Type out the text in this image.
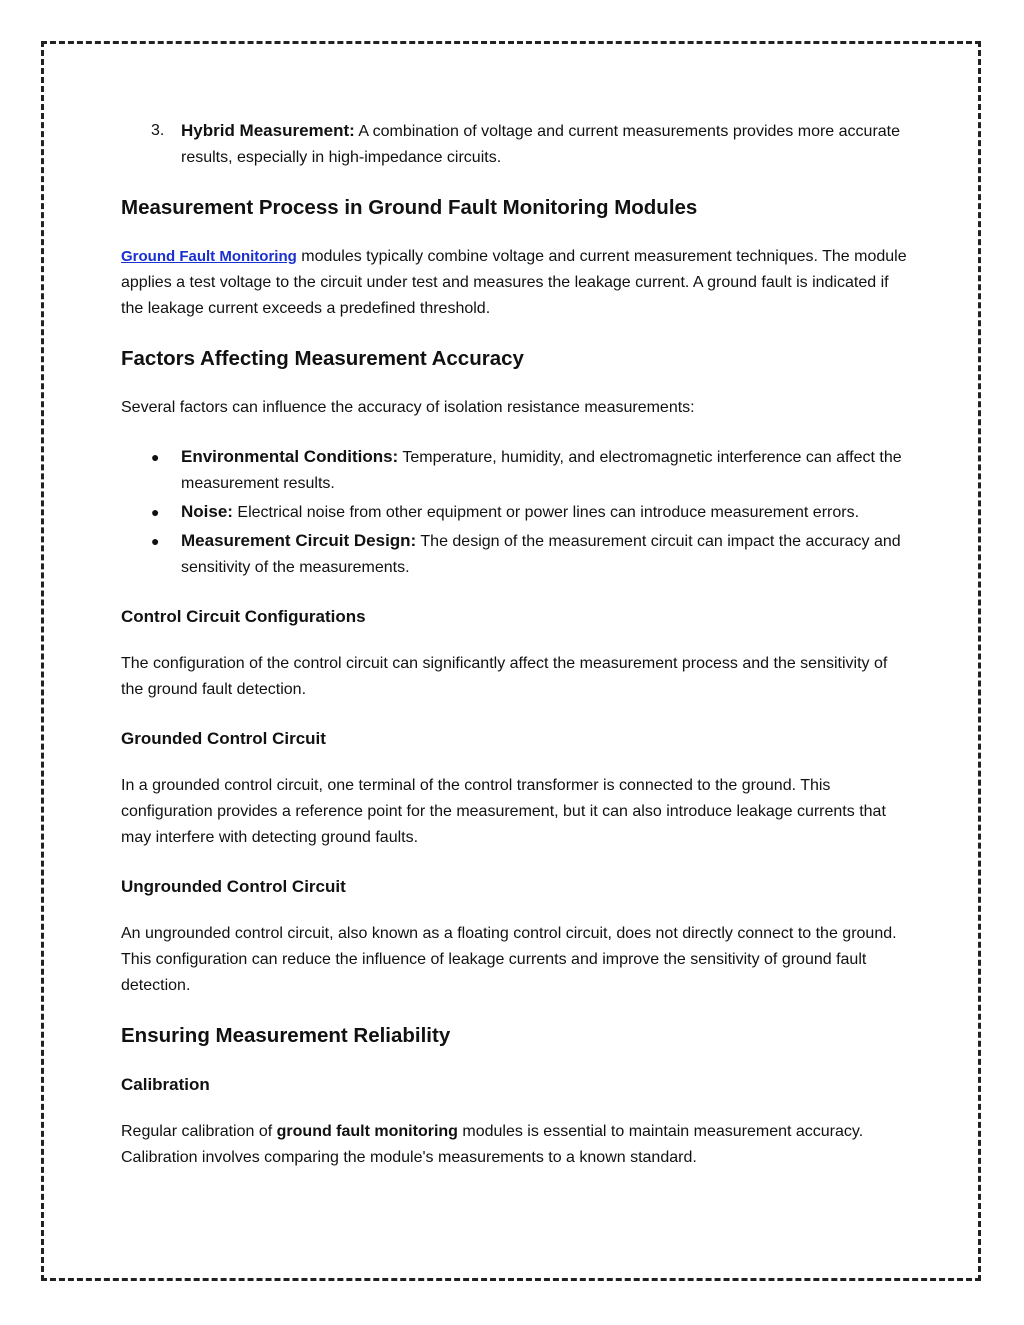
3. Hybrid Measurement: A combination of voltage and current measurements provides more accurate results, especially in high-impedance circuits.

Measurement Process in Ground Fault Monitoring Modules

Ground Fault Monitoring modules typically combine voltage and current measurement techniques. The module applies a test voltage to the circuit under test and measures the leakage current. A ground fault is indicated if the leakage current exceeds a predefined threshold.

Factors Affecting Measurement Accuracy

Several factors can influence the accuracy of isolation resistance measurements:

● Environmental Conditions: Temperature, humidity, and electromagnetic interference can affect the measurement results.
● Noise: Electrical noise from other equipment or power lines can introduce measurement errors.
● Measurement Circuit Design: The design of the measurement circuit can impact the accuracy and sensitivity of the measurements.
Control Circuit Configurations

The configuration of the control circuit can significantly affect the measurement process and the sensitivity of the ground fault detection.

Grounded Control Circuit

In a grounded control circuit, one terminal of the control transformer is connected to the ground. This configuration provides a reference point for the measurement, but it can also introduce leakage currents that may interfere with detecting ground faults.

Ungrounded Control Circuit

An ungrounded control circuit, also known as a floating control circuit, does not directly connect to the ground. This configuration can reduce the influence of leakage currents and improve the sensitivity of ground fault detection.

Ensuring Measurement Reliability
Calibration

Regular calibration of ground fault monitoring modules is essential to maintain measurement accuracy. Calibration involves comparing the module's measurements to a known standard.
